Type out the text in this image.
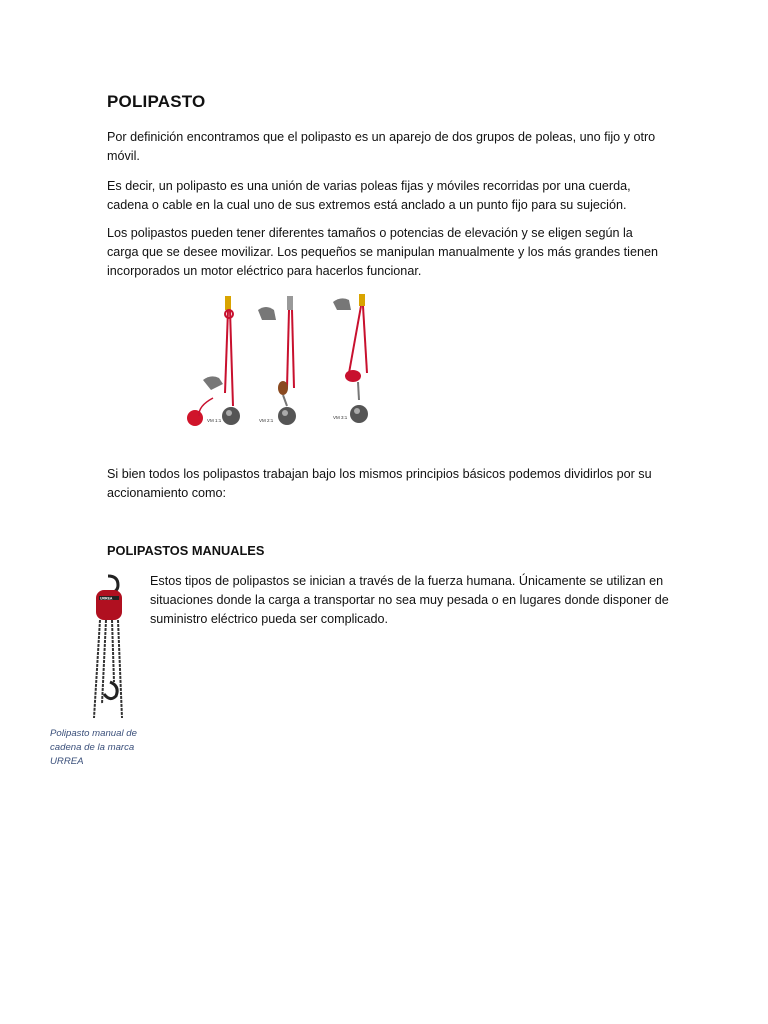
POLIPASTO

Por definición encontramos que el polipasto es un aparejo de dos grupos de poleas, uno fijo y otro móvil.

Es decir, un polipasto es una unión de varias poleas fijas y móviles recorridas por una cuerda, cadena o cable en la cual uno de sus extremos está anclado a un punto fijo para su sujeción.

Los polipastos pueden tener diferentes tamaños o potencias de elevación y se eligen según la carga que se desee movilizar. Los pequeños se manipulan manualmente y los más grandes tienen incorporados un motor eléctrico para hacerlos funcionar.

VM 1:1	VM 2:1
VM 3:1

Si bien todos los polipastos trabajan bajo los mismos principios básicos podemos dividirlos por su accionamiento como:

POLIPASTOS MANUALES
URREA

Estos tipos de polipastos se inician a través de la fuerza humana. Únicamente se utilizan en situaciones donde la carga a transportar no sea muy pesada o en lugares donde disponer de suministro eléctrico pueda ser complicado.

Polipasto manual de cadena de la marca URREA
